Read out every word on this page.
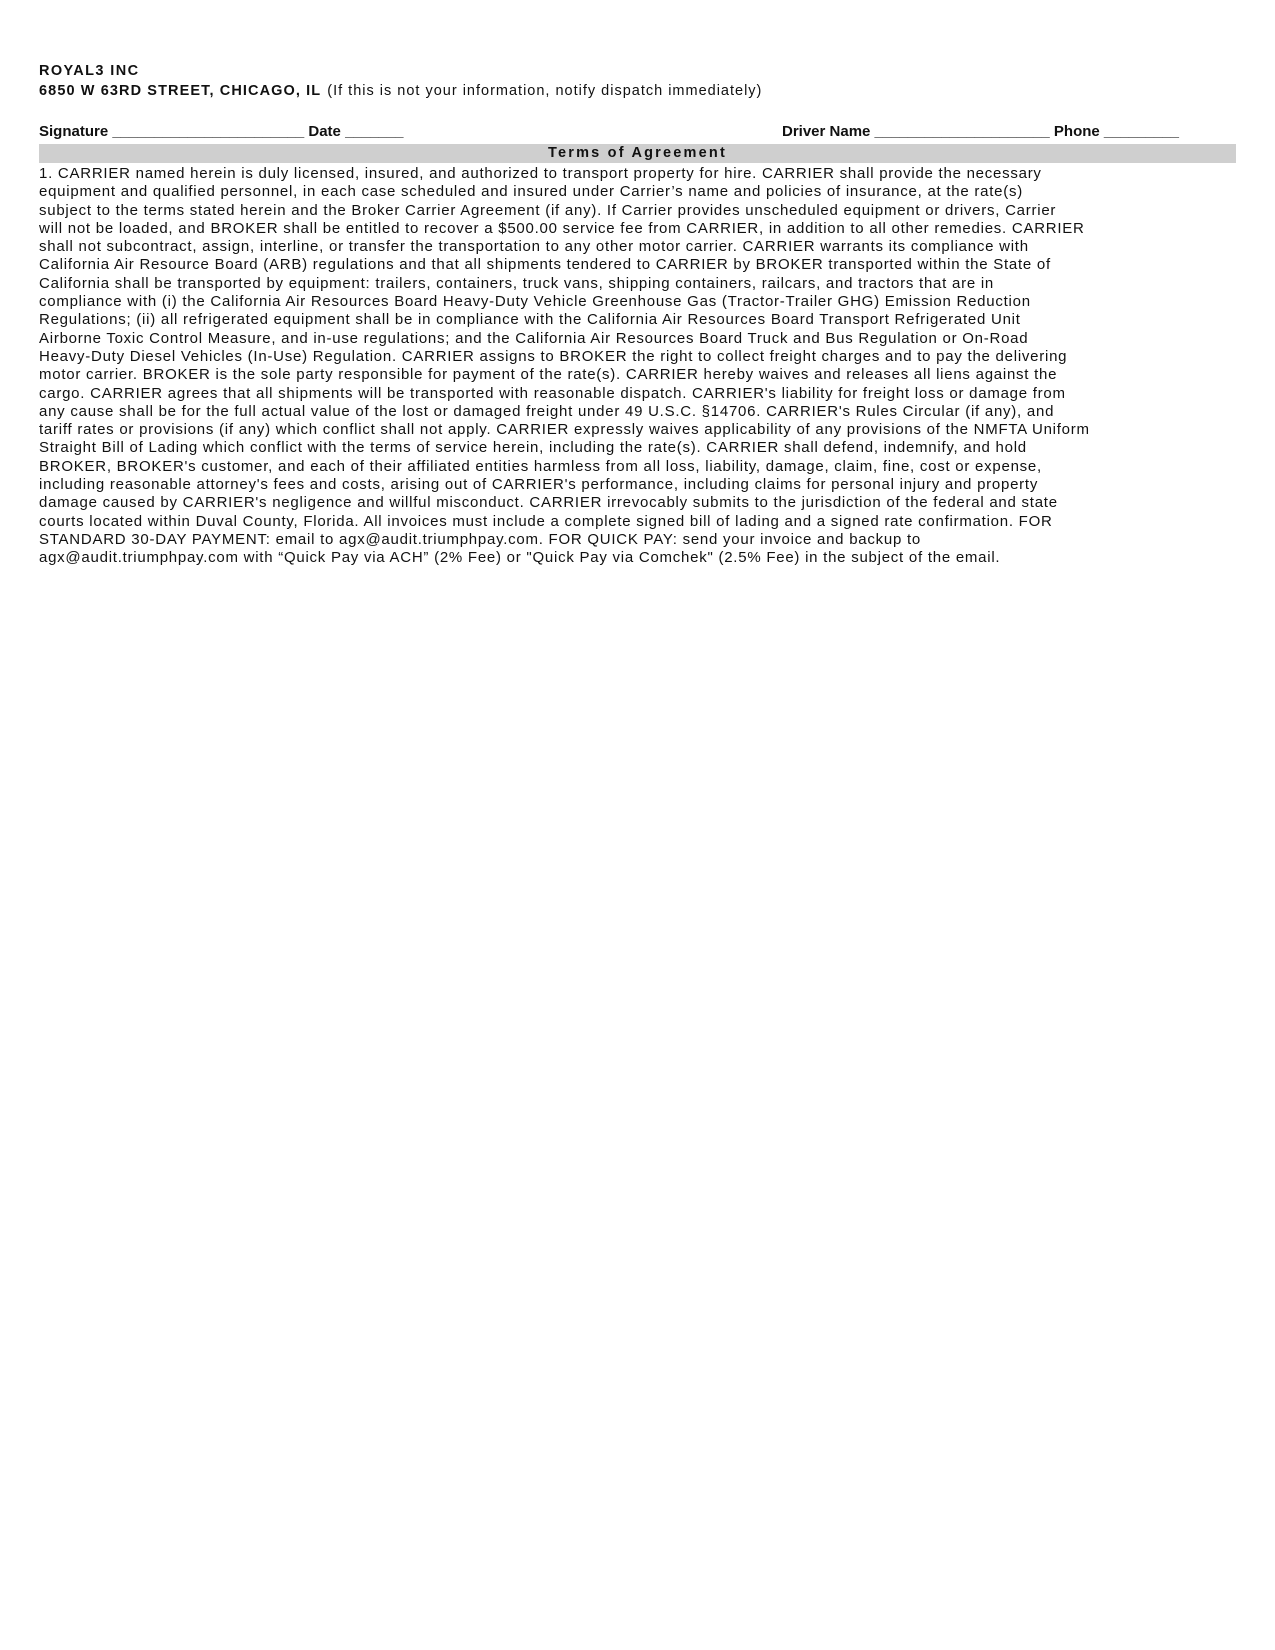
ROYAL3 INC
6850 W 63RD STREET, CHICAGO, IL (If this is not your information, notify dispatch immediately)
Signature _______________________ Date _______	Driver Name _____________________ Phone _________
Terms of Agreement
1. CARRIER named herein is duly licensed, insured, and authorized to transport property for hire. CARRIER shall provide the necessary
equipment and qualified personnel, in each case scheduled and insured under Carrier’s name and policies of insurance, at the rate(s)
subject to the terms stated herein and the Broker Carrier Agreement (if any). If Carrier provides unscheduled equipment or drivers, Carrier
will not be loaded, and BROKER shall be entitled to recover a $500.00 service fee from CARRIER, in addition to all other remedies. CARRIER
shall not subcontract, assign, interline, or transfer the transportation to any other motor carrier. CARRIER warrants its compliance with
California Air Resource Board (ARB) regulations and that all shipments tendered to CARRIER by BROKER transported within the State of
California shall be transported by equipment: trailers, containers, truck vans, shipping containers, railcars, and tractors that are in
compliance with (i) the California Air Resources Board Heavy-Duty Vehicle Greenhouse Gas (Tractor-Trailer GHG) Emission Reduction
Regulations; (ii) all refrigerated equipment shall be in compliance with the California Air Resources Board Transport Refrigerated Unit
Airborne Toxic Control Measure, and in-use regulations; and the California Air Resources Board Truck and Bus Regulation or On-Road
Heavy-Duty Diesel Vehicles (In-Use) Regulation. CARRIER assigns to BROKER the right to collect freight charges and to pay the delivering
motor carrier. BROKER is the sole party responsible for payment of the rate(s). CARRIER hereby waives and releases all liens against the
cargo. CARRIER agrees that all shipments will be transported with reasonable dispatch. CARRIER's liability for freight loss or damage from
any cause shall be for the full actual value of the lost or damaged freight under 49 U.S.C. §14706. CARRIER's Rules Circular (if any), and
tariff rates or provisions (if any) which conflict shall not apply. CARRIER expressly waives applicability of any provisions of the NMFTA Uniform
Straight Bill of Lading which conflict with the terms of service herein, including the rate(s). CARRIER shall defend, indemnify, and hold
BROKER, BROKER's customer, and each of their affiliated entities harmless from all loss, liability, damage, claim, fine, cost or expense,
including reasonable attorney's fees and costs, arising out of CARRIER's performance, including claims for personal injury and property
damage caused by CARRIER's negligence and willful misconduct. CARRIER irrevocably submits to the jurisdiction of the federal and state
courts located within Duval County, Florida. All invoices must include a complete signed bill of lading and a signed rate confirmation. FOR
STANDARD 30-DAY PAYMENT: email to agx@audit.triumphpay.com. FOR QUICK PAY: send your invoice and backup to
agx@audit.triumphpay.com with “Quick Pay via ACH” (2% Fee) or "Quick Pay via Comchek" (2.5% Fee) in the subject of the email.
